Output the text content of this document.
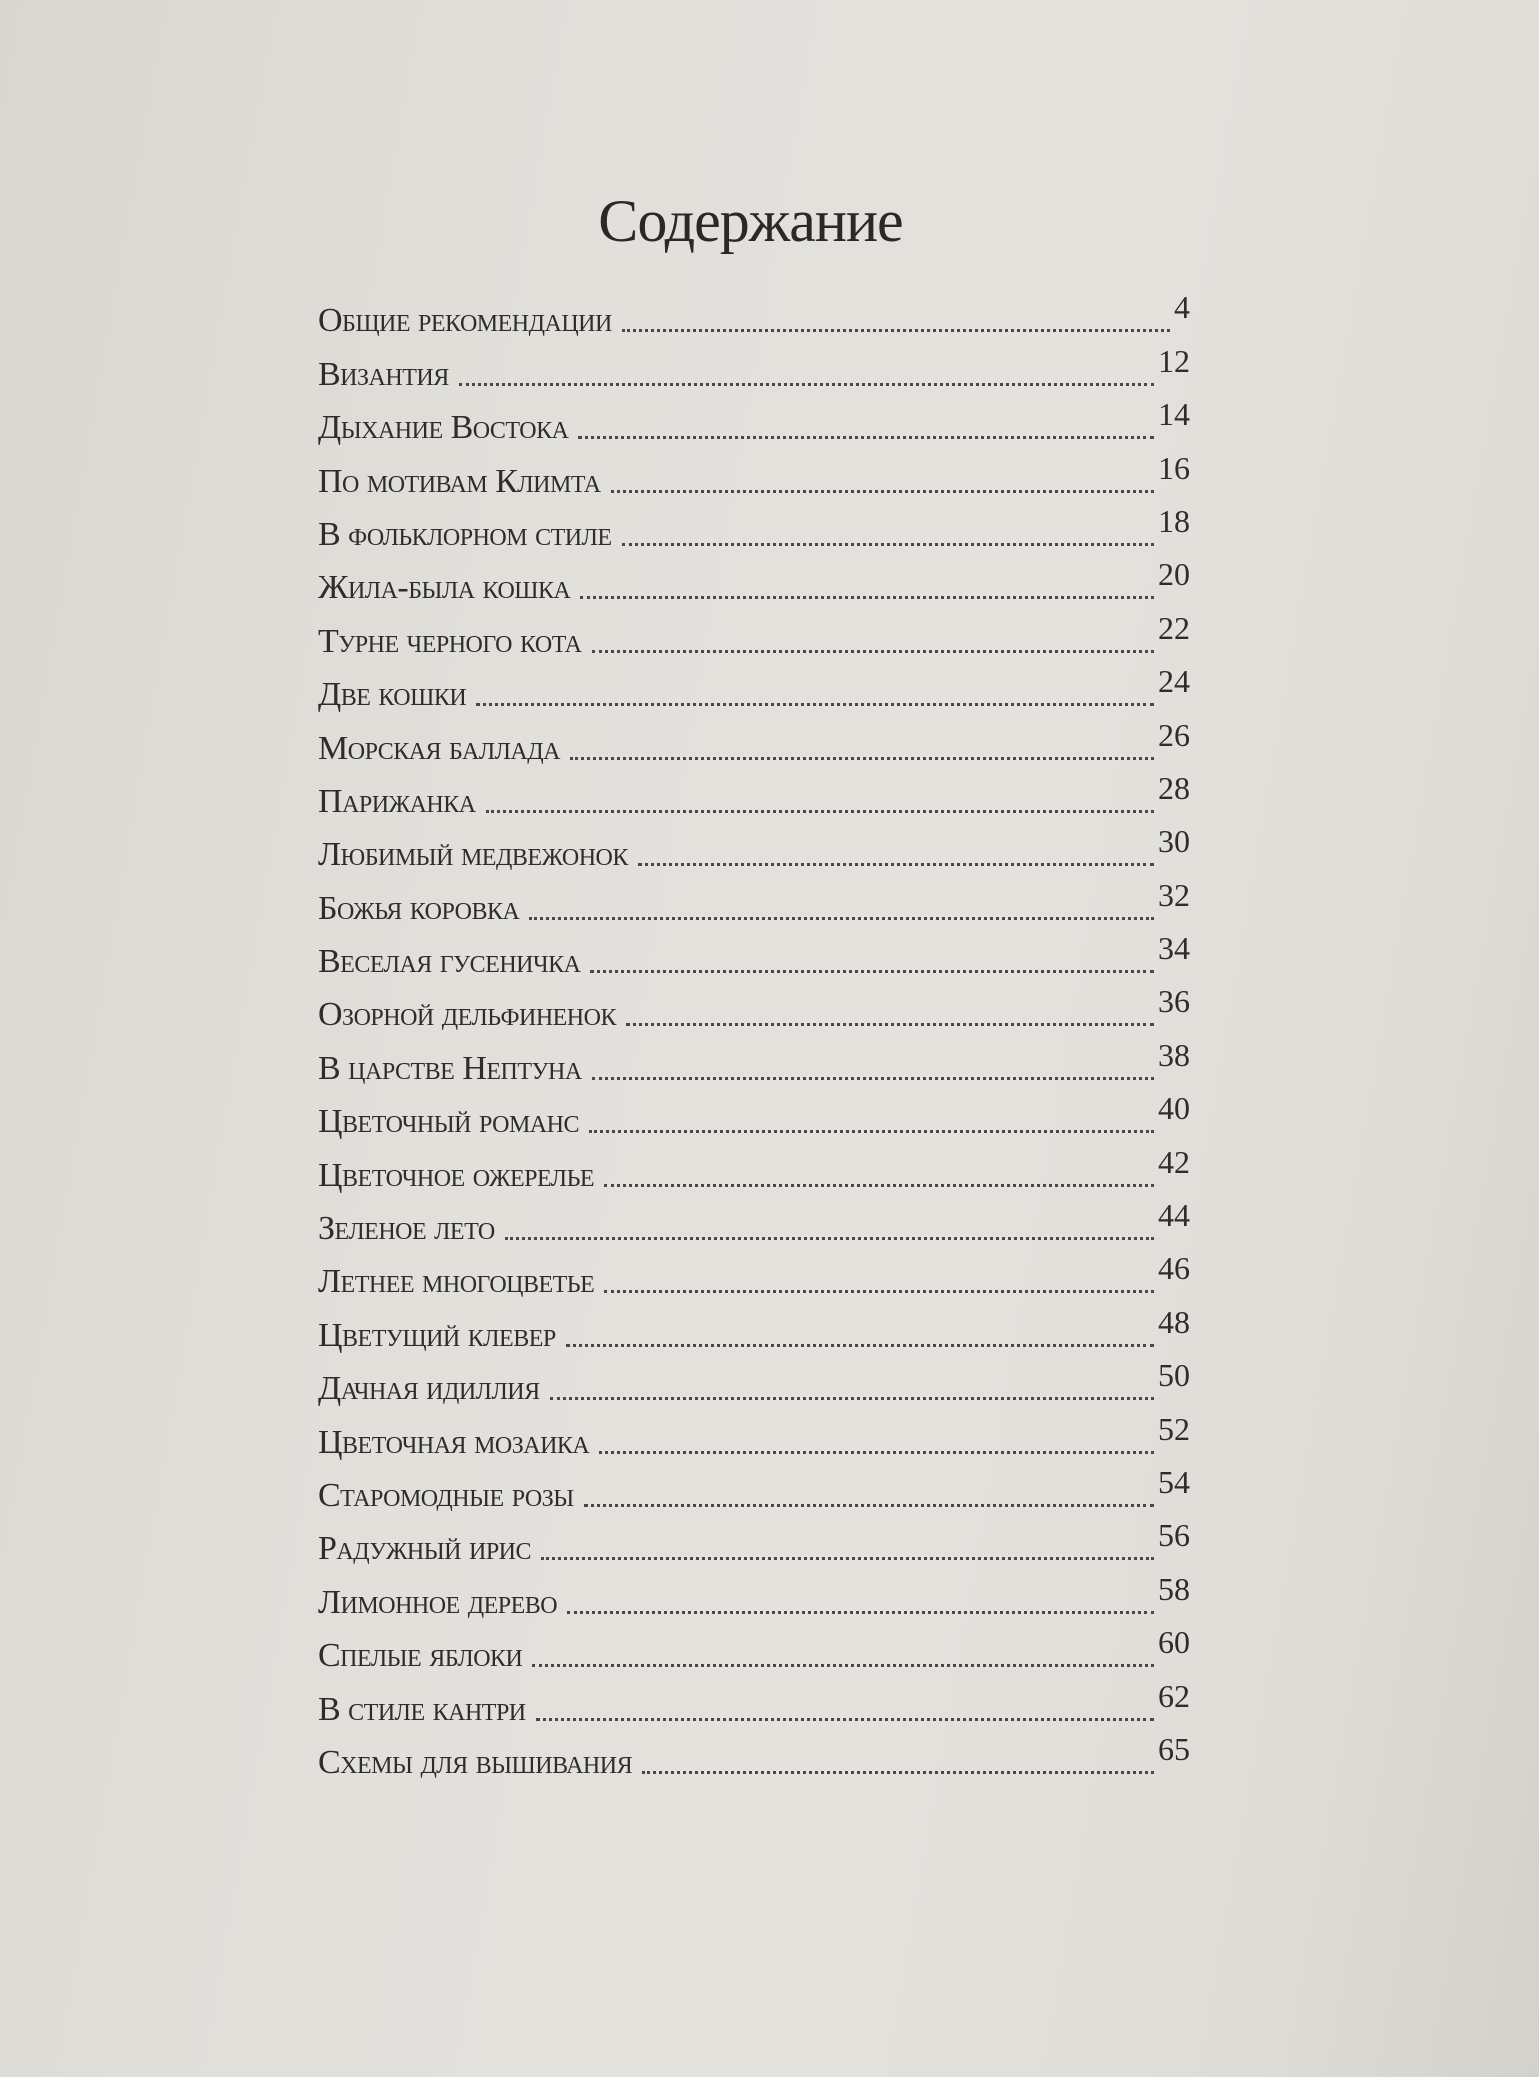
Содержание
Общие рекомендации	4
Византия	12
Дыхание Востока	14
По мотивам Климта	16
В фольклорном стиле	18
Жила-была кошка	20
Турне черного кота	22
Две кошки	24
Морская баллада	26
Парижанка	28
Любимый медвежонок	30
Божья коровка	32
Веселая гусеничка	34
Озорной дельфиненок	36
В царстве Нептуна	38
Цветочный романс	40
Цветочное ожерелье	42
Зеленое лето	44
Летнее многоцветье	46
Цветущий клевер	48
Дачная идиллия	50
Цветочная мозаика	52
Старомодные розы	54
Радужный ирис	56
Лимонное дерево	58
Спелые яблоки	60
В стиле кантри	62
Схемы для вышивания	65
